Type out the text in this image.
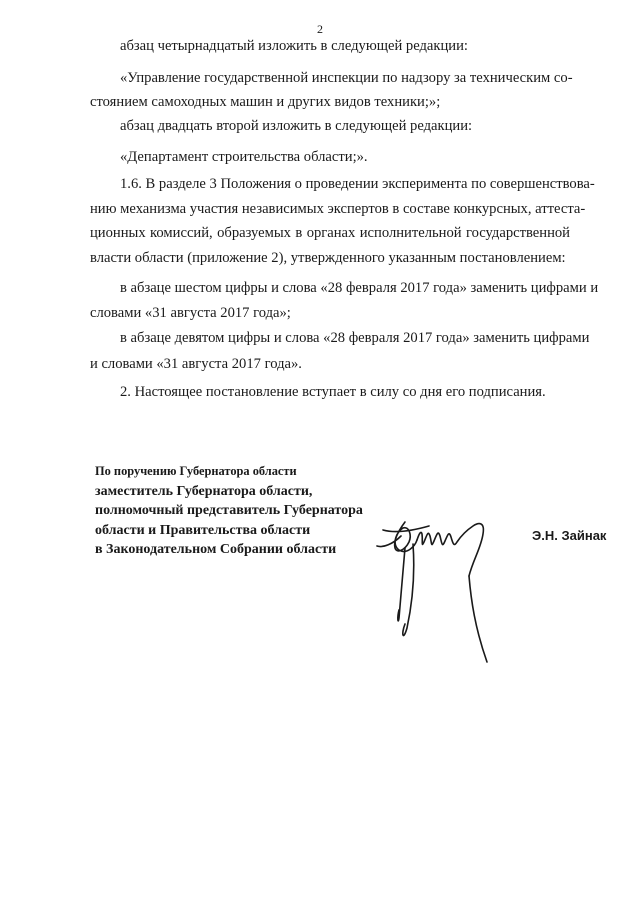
2
абзац четырнадцатый изложить в следующей редакции:
«Управление государственной инспекции по надзору за техническим со-
стоянием самоходных машин и других видов техники;»;
абзац двадцать второй изложить в следующей редакции:
«Департамент строительства области;».
1.6. В разделе 3 Положения о проведении эксперимента по совершенствова-
нию механизма участия независимых экспертов в составе конкурсных, аттеста-
ционных комиссий, образуемых в органах исполнительной государственной
власти области (приложение 2), утвержденного указанным постановлением:
в абзаце шестом цифры и слова «28 февраля 2017 года» заменить цифрами и
словами «31 августа 2017 года»;
в абзаце девятом цифры и слова «28 февраля 2017 года» заменить цифрами
и словами «31 августа 2017 года».
2. Настоящее постановление вступает в силу со дня его подписания.
По поручению Губернатора области
заместитель Губернатора области,
полномочный представитель Губернатора
области и Правительства области
в Законодательном Собрании области
Э.Н. Зайнак
